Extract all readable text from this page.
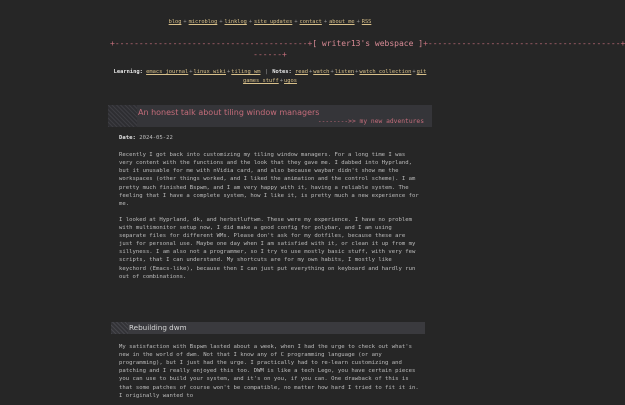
blog + microblog + linklog + site updates + contact + about me + RSS
+----------------------------------------+[ writer13's webspace ]+----------------------------------------+
------+
Learning: emacs journal+linux wiki+tiling wm | Notes: read+watch+listen+watch collection+git games stuff+ugos
An honest talk about tiling window managers
-------->> my new adventures
Date: 2024-05-22

Recently I got back into customizing my tiling window managers. For a long time I was very content with the functions and the look that they gave me. I dabbed into Hyprland, but it unusable for me with nVidia card, and also because waybar didn't show me the workspaces (other things worked, and I liked the animation and the control scheme). I am pretty much finished Bspwm, and I am very happy with it, having a reliable system. The feeling that I have a complete system, how I like it, is pretty much a new experience for me.

I looked at Hyprland, dk, and herbstluftwm. These were my experience. I have no problem with multimonitor setup now, I did make a good config for polybar, and I am using separate files for different WMs. Please don't ask for my dotfiles, because these are just for personal use. Maybe one day when I am satisfied with it, or clean it up from my sillyness. I am also not a programmer, so I try to use mostly basic stuff, with very few scripts, that I can understand. My shortcuts are for my own habits, I mostly like keychord (Emacs-like), because then I can just put everything on keyboard and hardly run out of combinations.

Rebuilding dwm

My satisfaction with Bspwm lasted about a week, when I had the urge to check out what's new in the world of dwm. Not that I know any of C programming language (or any programming), but I just had the urge. I practically had to re-learn customizing and patching and I really enjoyed this too. DWM is like a tech Lego, you have certain pieces you can use to build your system, and it's on you, if you can. One drawback of this is that some patches of course won't be compatible, no matter how hard I tried to fit it in. I originally wanted to
